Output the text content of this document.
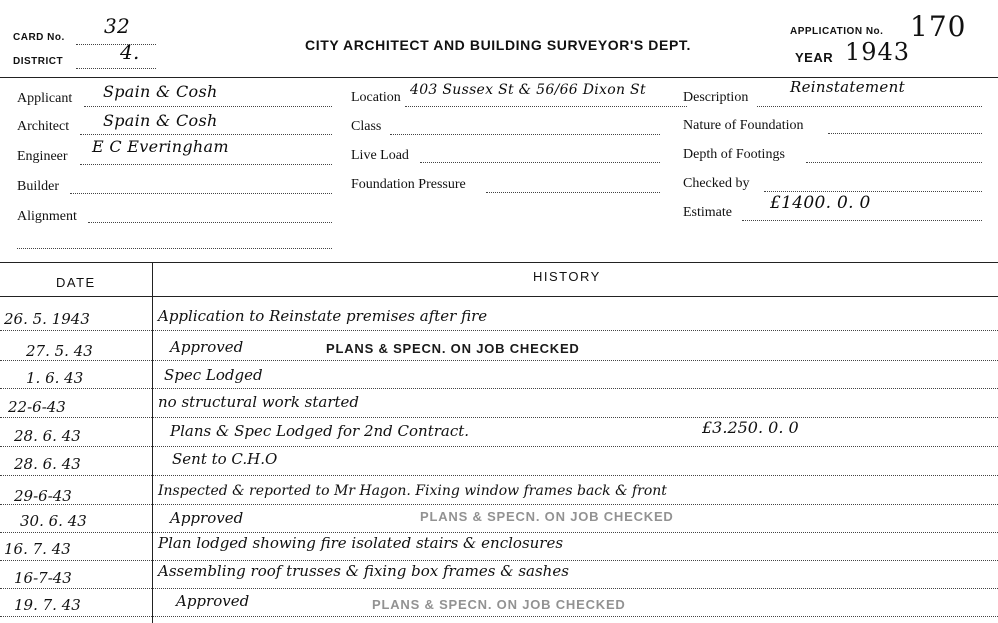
CARD No. 32
DISTRICT	4.	CITY ARCHITECT AND BUILDING SURVEYOR'S DEPT.
APPLICATION No. 170
YEAR 1943
Applicant Spain & Cosh
Architect Spain & Cosh
Engineer
E C Everingham
Builder
Alignment
Location 403 Sussex St & 56/66 Dixon St
Class
Live Load
Foundation Pressure
Description
Reinstatement
Nature of Foundation
Depth of Footings
Checked by
Estimate £1400. 0. 0
DATE	HISTORY
26. 5. 1943	Application to Reinstate premises after fire
27. 5. 43	Approved	PLANS & SPECN. ON JOB CHECKED
1. 6. 43	Spec Lodged
22-6-43	no structural work started
28. 6. 43	Plans & Spec Lodged for 2nd Contract.	£3.250. 0. 0
28. 6. 43	Sent to C.H.O
29-6-43	Inspected & reported to Mr Hagon. Fixing window frames back & front
30. 6. 43	Approved	PLANS & SPECN. ON JOB CHECKED
16. 7. 43	Plan lodged showing fire isolated stairs & enclosures
16-7-43	Assembling roof trusses & fixing box frames & sashes
19. 7. 43	Approved	PLANS & SPECN. ON JOB CHECKED
